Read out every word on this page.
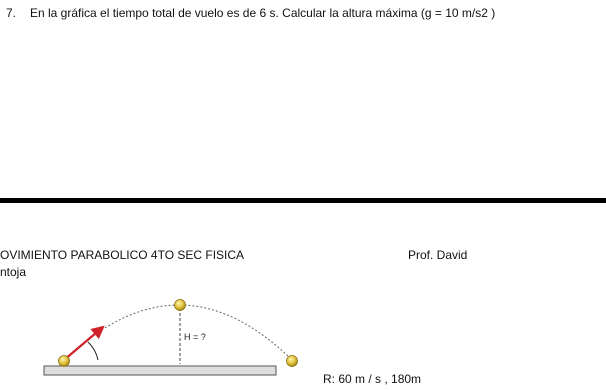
7. En la gráfica el tiempo total de vuelo es de 6 s. Calcular la altura máxima (g = 10 m/s2 )
OVIMIENTO PARABOLICO 4TO SEC FISICA
ntoja
Prof. David
H = ?
R: 60 m / s , 180m
